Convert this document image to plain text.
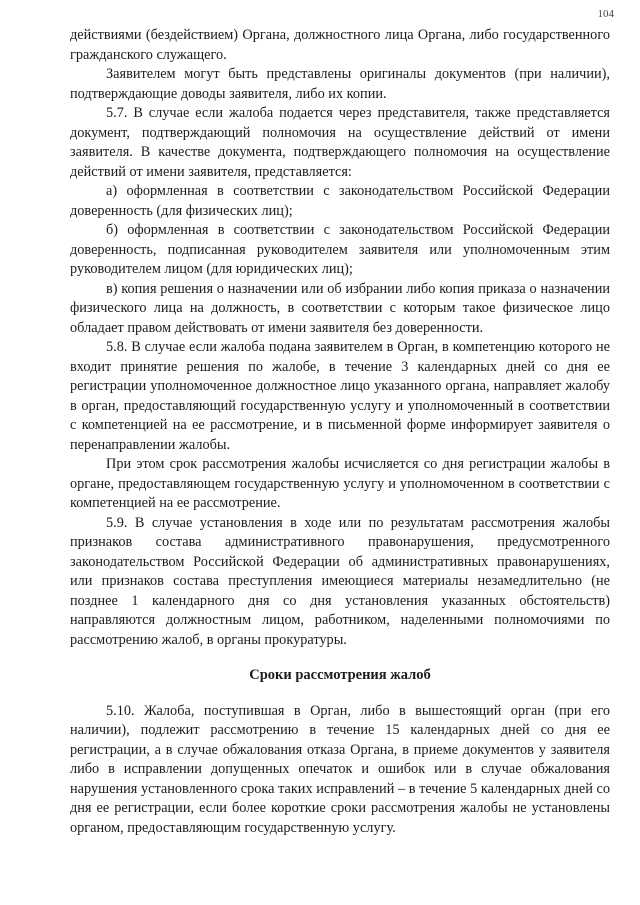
104

действиями (бездействием) Органа, должностного лица Органа, либо государственного гражданского служащего.

Заявителем могут быть представлены оригиналы документов (при наличии), подтверждающие доводы заявителя, либо их копии.

5.7. В случае если жалоба подается через представителя, также представляется документ, подтверждающий полномочия на осуществление действий от имени заявителя. В качестве документа, подтверждающего полномочия на осуществление действий от имени заявителя, представляется:

а) оформленная в соответствии с законодательством Российской Федерации доверенность (для физических лиц);

б) оформленная в соответствии с законодательством Российской Федерации доверенность, подписанная руководителем заявителя или уполномоченным этим руководителем лицом (для юридических лиц);

в) копия решения о назначении или об избрании либо копия приказа о назначении физического лица на должность, в соответствии с которым такое физическое лицо обладает правом действовать от имени заявителя без доверенности.

5.8. В случае если жалоба подана заявителем в Орган, в компетенцию которого не входит принятие решения по жалобе, в течение 3 календарных дней со дня ее регистрации уполномоченное должностное лицо указанного органа, направляет жалобу в орган, предоставляющий государственную услугу и уполномоченный в соответствии с компетенцией на ее рассмотрение, и в письменной форме информирует заявителя о перенаправлении жалобы.

При этом срок рассмотрения жалобы исчисляется со дня регистрации жалобы в органе, предоставляющем государственную услугу и уполномоченном в соответствии с компетенцией на ее рассмотрение.

5.9. В случае установления в ходе или по результатам рассмотрения жалобы признаков состава административного правонарушения, предусмотренного законодательством Российской Федерации об административных правонарушениях, или признаков состава преступления имеющиеся материалы незамедлительно (не позднее 1 календарного дня со дня установления указанных обстоятельств) направляются должностным лицом, работником, наделенными полномочиями по рассмотрению жалоб, в органы прокуратуры.

Сроки рассмотрения жалоб

5.10. Жалоба, поступившая в Орган, либо в вышестоящий орган (при его наличии), подлежит рассмотрению в течение 15 календарных дней со дня ее регистрации, а в случае обжалования отказа Органа, в приеме документов у заявителя либо в исправлении допущенных опечаток и ошибок или в случае обжалования нарушения установленного срока таких исправлений – в течение 5 календарных дней со дня ее регистрации, если более короткие сроки рассмотрения жалобы не установлены органом, предоставляющим государственную услугу.
